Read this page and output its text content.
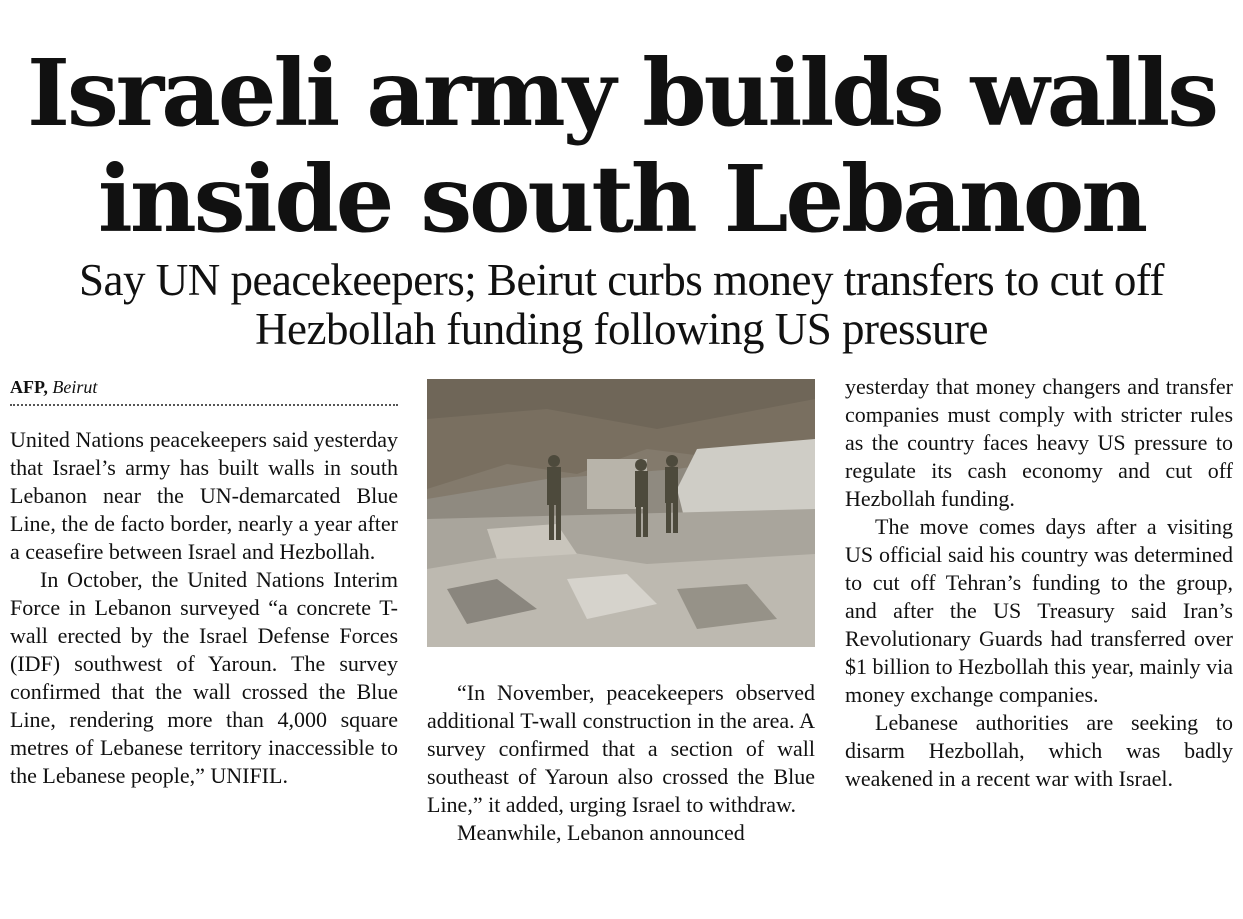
Israeli army builds walls
inside south Lebanon
Say UN peacekeepers; Beirut curbs money transfers to cut off
Hezbollah funding following US pressure
AFP, Beirut

United Nations peacekeepers said yesterday that Israel’s army has built walls in south Lebanon near the UN-demarcated Blue Line, the de facto border, nearly a year after a ceasefire between Israel and Hezbollah.

In October, the United Nations Interim Force in Lebanon surveyed “a concrete T-wall erected by the Israel Defense Forces (IDF) southwest of Yaroun. The survey confirmed that the wall crossed the Blue Line, rendering more than 4,000 square metres of Lebanese territory inaccessible to the Lebanese people,” UNIFIL.

“In November, peacekeepers observed additional T-wall construction in the area. A survey confirmed that a section of wall southeast of Yaroun also crossed the Blue Line,” it added, urging Israel to withdraw.

Meanwhile, Lebanon announced

yesterday that money changers and transfer companies must comply with stricter rules as the country faces heavy US pressure to regulate its cash economy and cut off Hezbollah funding.

The move comes days after a visiting US official said his country was determined to cut off Tehran’s funding to the group, and after the US Treasury said Iran’s Revolutionary Guards had transferred over $1 billion to Hezbollah this year, mainly via money exchange companies.

Lebanese authorities are seeking to disarm Hezbollah, which was badly weakened in a recent war with Israel.
